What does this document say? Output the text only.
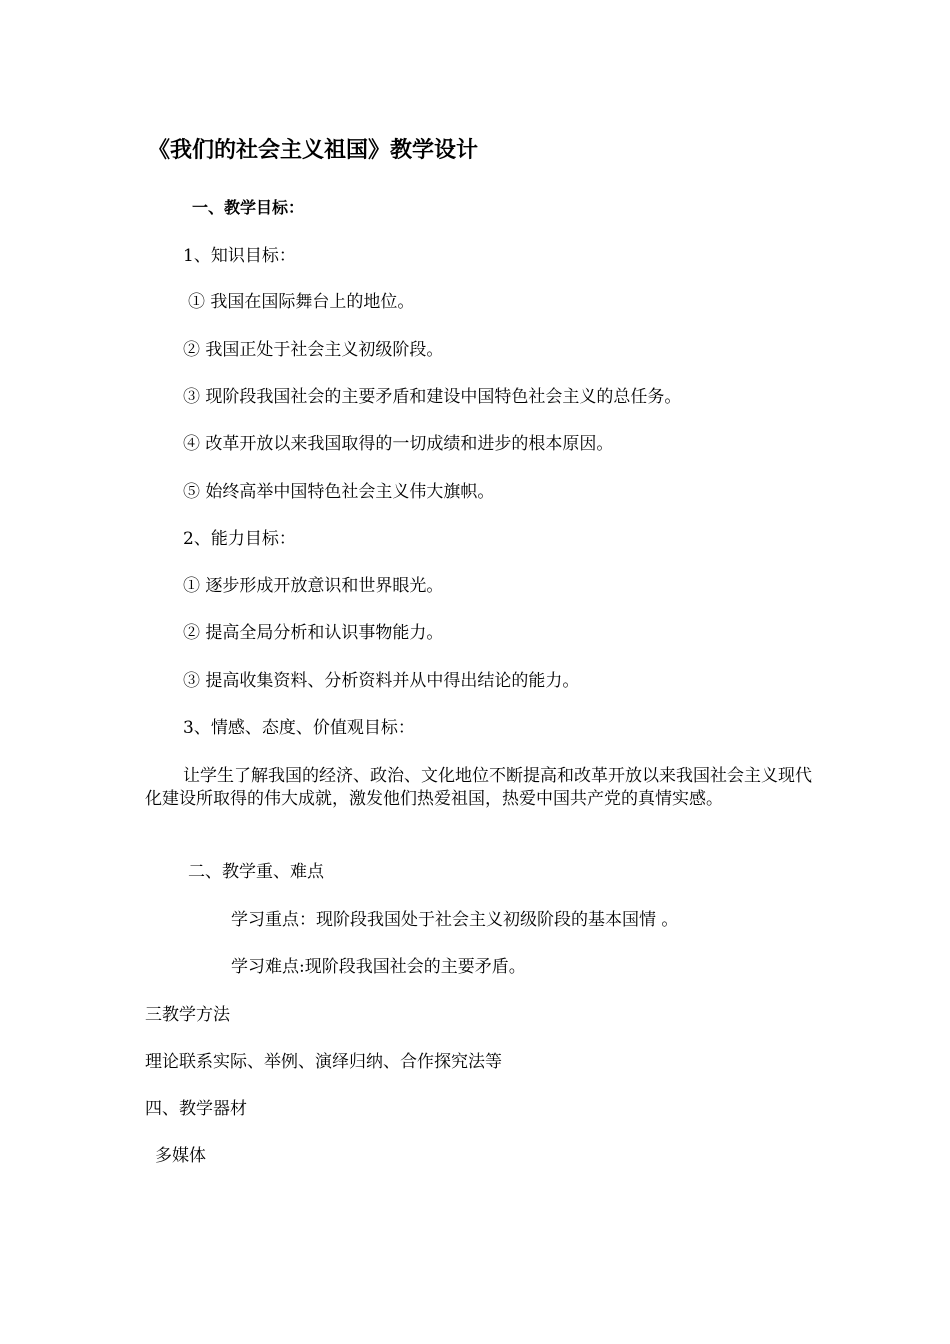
《我们的社会主义祖国》教学设计
一、教学目标：
1、知识目标：
① 我国在国际舞台上的地位。
② 我国正处于社会主义初级阶段。
③ 现阶段我国社会的主要矛盾和建设中国特色社会主义的总任务。
④ 改革开放以来我国取得的一切成绩和进步的根本原因。
⑤ 始终高举中国特色社会主义伟大旗帜。
2、能力目标：
① 逐步形成开放意识和世界眼光。
② 提高全局分析和认识事物能力。
③ 提高收集资料、分析资料并从中得出结论的能力。
3、情感、态度、价值观目标：
让学生了解我国的经济、政治、文化地位不断提高和改革开放以来我国社会主义现代化建设所取得的伟大成就，激发他们热爱祖国，热爱中国共产党的真情实感。
二、教学重、难点
学习重点：现阶段我国处于社会主义初级阶段的基本国情 。
学习难点:现阶段我国社会的主要矛盾。
三教学方法
理论联系实际、举例、演绎归纳、合作探究法等
四、教学器材
多媒体
